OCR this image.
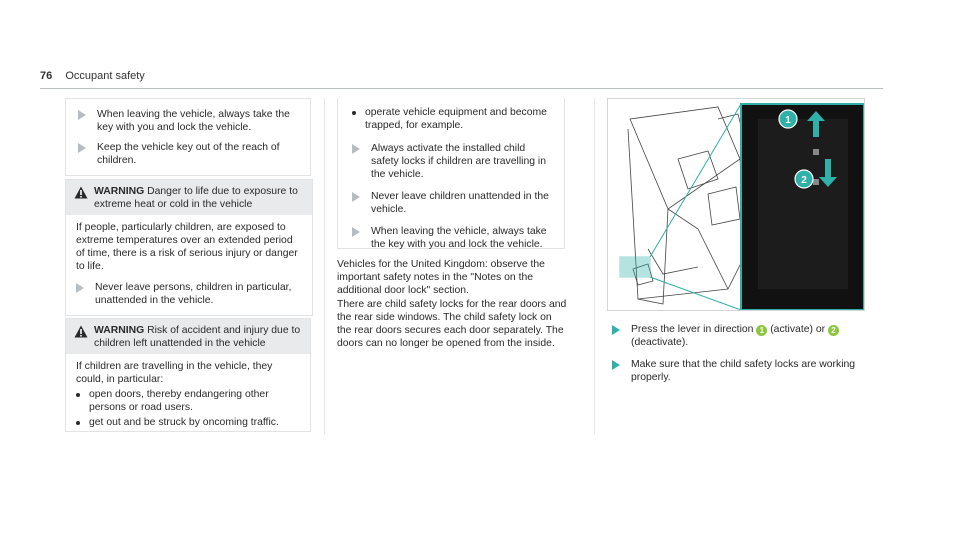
76 Occupant safety
When leaving the vehicle, always take the key with you and lock the vehicle.
Keep the vehicle key out of the reach of children.
WARNING Danger to life due to exposure to extreme heat or cold in the vehicle
If people, particularly children, are exposed to extreme temperatures over an extended period of time, there is a risk of serious injury or danger to life.
Never leave persons, children in particular, unattended in the vehicle.
WARNING Risk of accident and injury due to children left unattended in the vehicle
If children are travelling in the vehicle, they could, in particular:
open doors, thereby endangering other persons or road users.
get out and be struck by oncoming traffic.
operate vehicle equipment and become trapped, for example.
Always activate the installed child safety locks if children are travelling in the vehicle.
Never leave children unattended in the vehicle.
When leaving the vehicle, always take the key with you and lock the vehicle.
Vehicles for the United Kingdom: observe the important safety notes in the "Notes on the additional door lock" section.
There are child safety locks for the rear doors and the rear side windows. The child safety lock on the rear doors secures each door separately. The doors can no longer be opened from the inside.
1
2
Press the lever in direction 1 (activate) or 2 (deactivate).
Make sure that the child safety locks are working properly.
